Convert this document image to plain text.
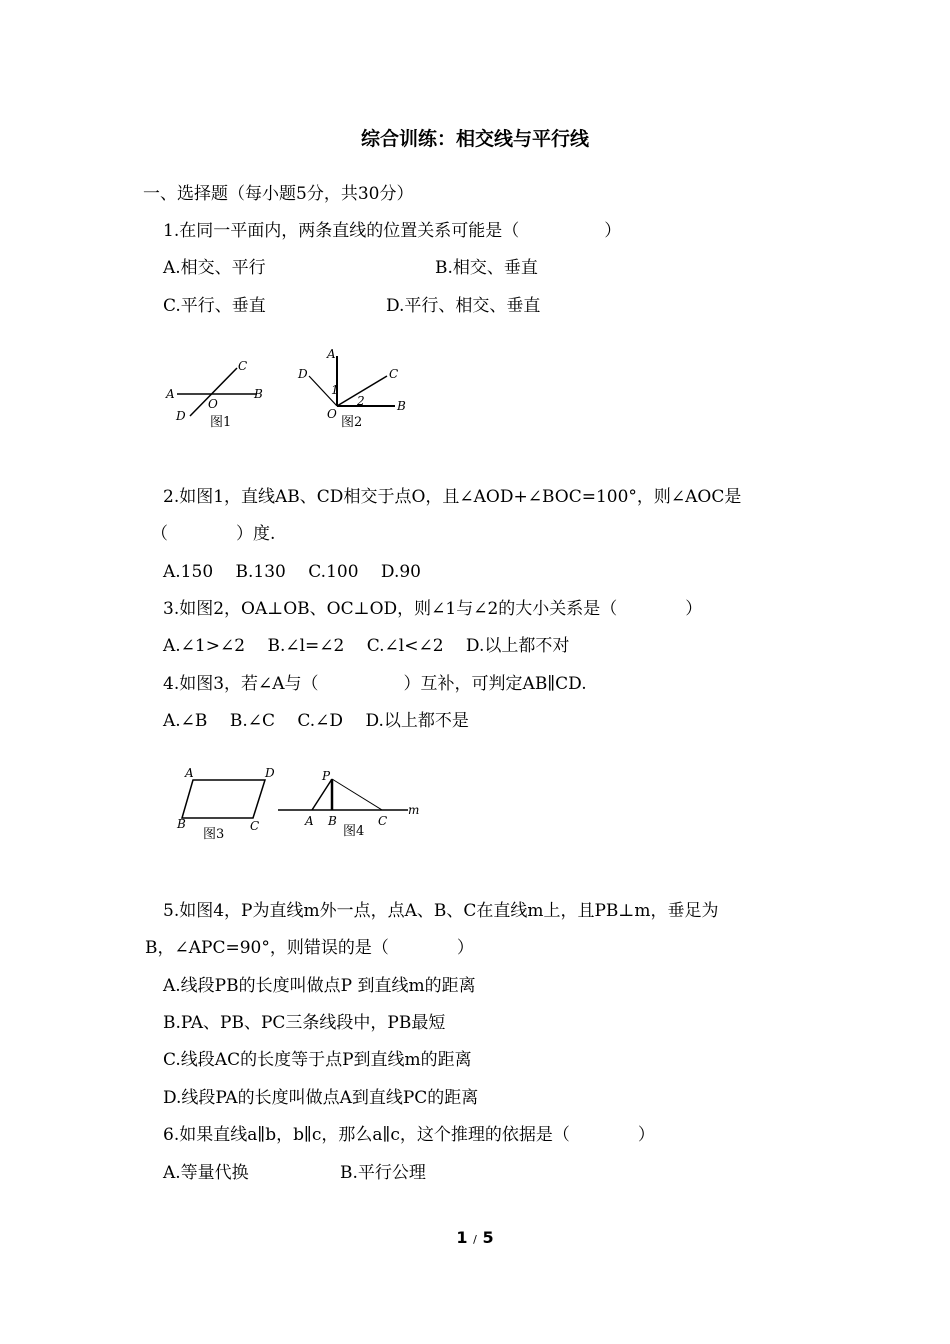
综合训练：相交线与平行线
一、选择题（每小题5分，共30分）
1.在同一平面内，两条直线的位置关系可能是（　　　　　）
A.相交、平行	B.相交、垂直
C.平行、垂直	D.平行、相交、垂直
A	B
C
D
O
图1
A
B
C
D
O
1
2
图2
2.如图1，直线AB、CD相交于点O，且∠AOD+∠BOC=100°，则∠AOC是
（　　　　）度.
A.150　 B.130　 C.100　 D.90
3.如图2，OA⊥OB、OC⊥OD，则∠1与∠2的大小关系是（　　　　）
A.∠1>∠2　 B.∠l=∠2　 C.∠l<∠2　 D.以上都不对
4.如图3，若∠A与（　　　　　）互补，可判定AB∥CD.
A.∠B　 B.∠C　 C.∠D　 D.以上都不是
A	D
B	C
图3
P
A B	C
m
图4
5.如图4，P为直线m外一点，点A、B、C在直线m上，且PB⊥m，垂足为
B，∠APC=90°，则错误的是（　　　　）
A.线段PB的长度叫做点P 到直线m的距离
B.PA、PB、PC三条线段中，PB最短
C.线段AC的长度等于点P到直线m的距离
D.线段PA的长度叫做点A到直线PC的距离
6.如果直线a∥b，b∥c，那么a∥c，这个推理的依据是（　　　　）
A.等量代换	B.平行公理
1 / 5
